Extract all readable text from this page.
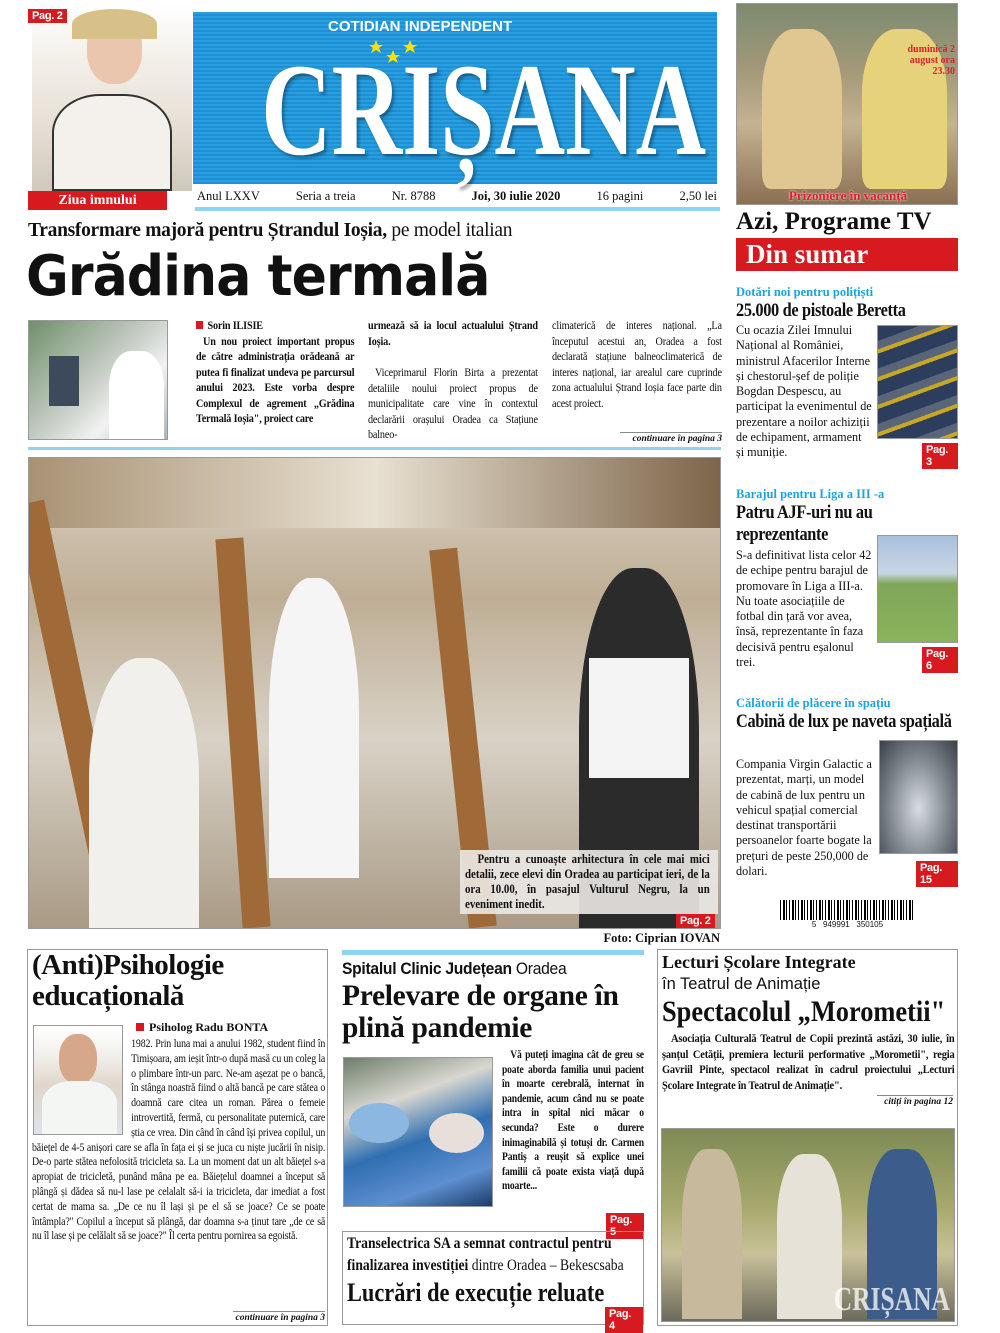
Pag. 2
Ziua imnului
COTIDIAN INDEPENDENT
CRIȘANA
Anul LXXV	Seria a treia	Nr. 8788	Joi, 30 iulie 2020	16 pagini	2,50 lei
duminică 2 august ora 23.30
Prizoniere în vacanță
Azi, Programe TV
Din sumar
Transformare majoră pentru Ștrandul Ioșia, pe model italian
Grădina termală
Sorin ILISIE
Un nou proiect important propus de către administrația orădeană ar putea fi finalizat undeva pe parcursul anului 2023. Este vorba despre Complexul de agrement „Grădina Termală Ioșia", proiect care
urmează să ia locul actualului Ștrand Ioșia.
Viceprimarul Florin Birta a prezentat detaliile noului proiect propus de municipalitate care vine în contextul declarării orașului Oradea ca Stațiune balneo-
climaterică de interes național. „La începutul acestui an, Oradea a fost declarată stațiune balneoclimaterică de interes național, iar arealul care cuprinde zona actualului Ștrand Ioșia face parte din acest proiect.
continuare în pagina 3
Pentru a cunoaște arhitectura în cele mai mici detalii, zece elevi din Oradea au participat ieri, de la ora 10.00, în pasajul Vulturul Negru, la un eveniment inedit.
Pag. 2
Foto: Ciprian IOVAN
Dotări noi pentru polițiști
25.000 de pistoale Beretta
Cu ocazia Zilei Imnului Național al României, ministrul Afacerilor Interne și chestorul-șef de poliție Bogdan Despescu, au participat la evenimentul de prezentare a noilor achiziții de echipament, armament și muniție.	Pag. 3
Barajul pentru Liga a III -a
Patru AJF-uri nu au reprezentante
S-a definitivat lista celor 42 de echipe pentru barajul de promovare în Liga a III-a. Nu toate asociațiile de fotbal din țară vor avea, însă, reprezentante în faza decisivă pentru eșalonul trei.
Pag. 6
Călătorii de plăcere în spațiu
Cabină de lux pe naveta spațială
Compania Virgin Galactic a prezentat, marți, un model de cabină de lux pentru un vehicul spațial comercial destinat transportării persoanelor foarte bogate la prețuri de peste 250,000 de dolari.	Pag. 15
5   949991   350105
(Anti)Psihologie educațională
Psiholog Radu BONTA
1982. Prin luna mai a anului 1982, student fiind în Timișoara, am ieșit într-o după masă cu un coleg la o plimbare într-un parc. Ne-am așezat pe o bancă, în stânga noastră fiind o altă bancă pe care stătea o doamnă care citea un roman. Părea o femeie introvertită, fermă, cu personalitate puternică, care știa ce vrea. Din când în când își privea copilul, un băiețel de 4-5 anișori care se afla în fața ei și se juca cu niște jucării în nisip. De-o parte stătea nefolosită tricicleta sa. La un moment dat un alt băiețel s-a apropiat de tricicletă, punând mâna pe ea. Băiețelul doamnei a început să plângă și dădea să nu-l lase pe celalalt să-i ia tricicleta, dar imediat a fost certat de mama sa. „De ce nu îl lași și pe el să se joace? Ce se poate întâmpla?" Copilul a început să plângă, dar doamna s-a ținut tare „de ce să nu îl lase și pe celălalt să se joace?" Îl certa pentru pornirea sa egoistă.
continuare în pagina 3
Spitalul Clinic Județean Oradea
Prelevare de organe în plină pandemie
Vă puteți imagina cât de greu se poate aborda familia unui pacient în moarte cerebrală, internat în pandemie, acum când nu se poate intra in spital nici măcar o secunda? Este o durere inimaginabilă și totuși dr. Carmen Pantiș a reușit să explice unei familii că poate exista viață după moarte...
Pag. 5
Transelectrica SA a semnat contractul pentru
finalizarea investiției dintre Oradea – Bekescsaba
Lucrări de execuție reluate
Pag. 4
Lecturi Școlare Integrate
în Teatrul de Animație
Spectacolul „Morometii"
Asociația Culturală Teatrul de Copii prezintă astăzi, 30 iulie, în șanțul Cetății, premiera lecturii performative „Morometii", regia Gavriil Pinte, spectacol realizat în cadrul proiectului „Lecturi Școlare Integrate în Teatrul de Animație".
citiți în pagina 12
CRIȘANA
